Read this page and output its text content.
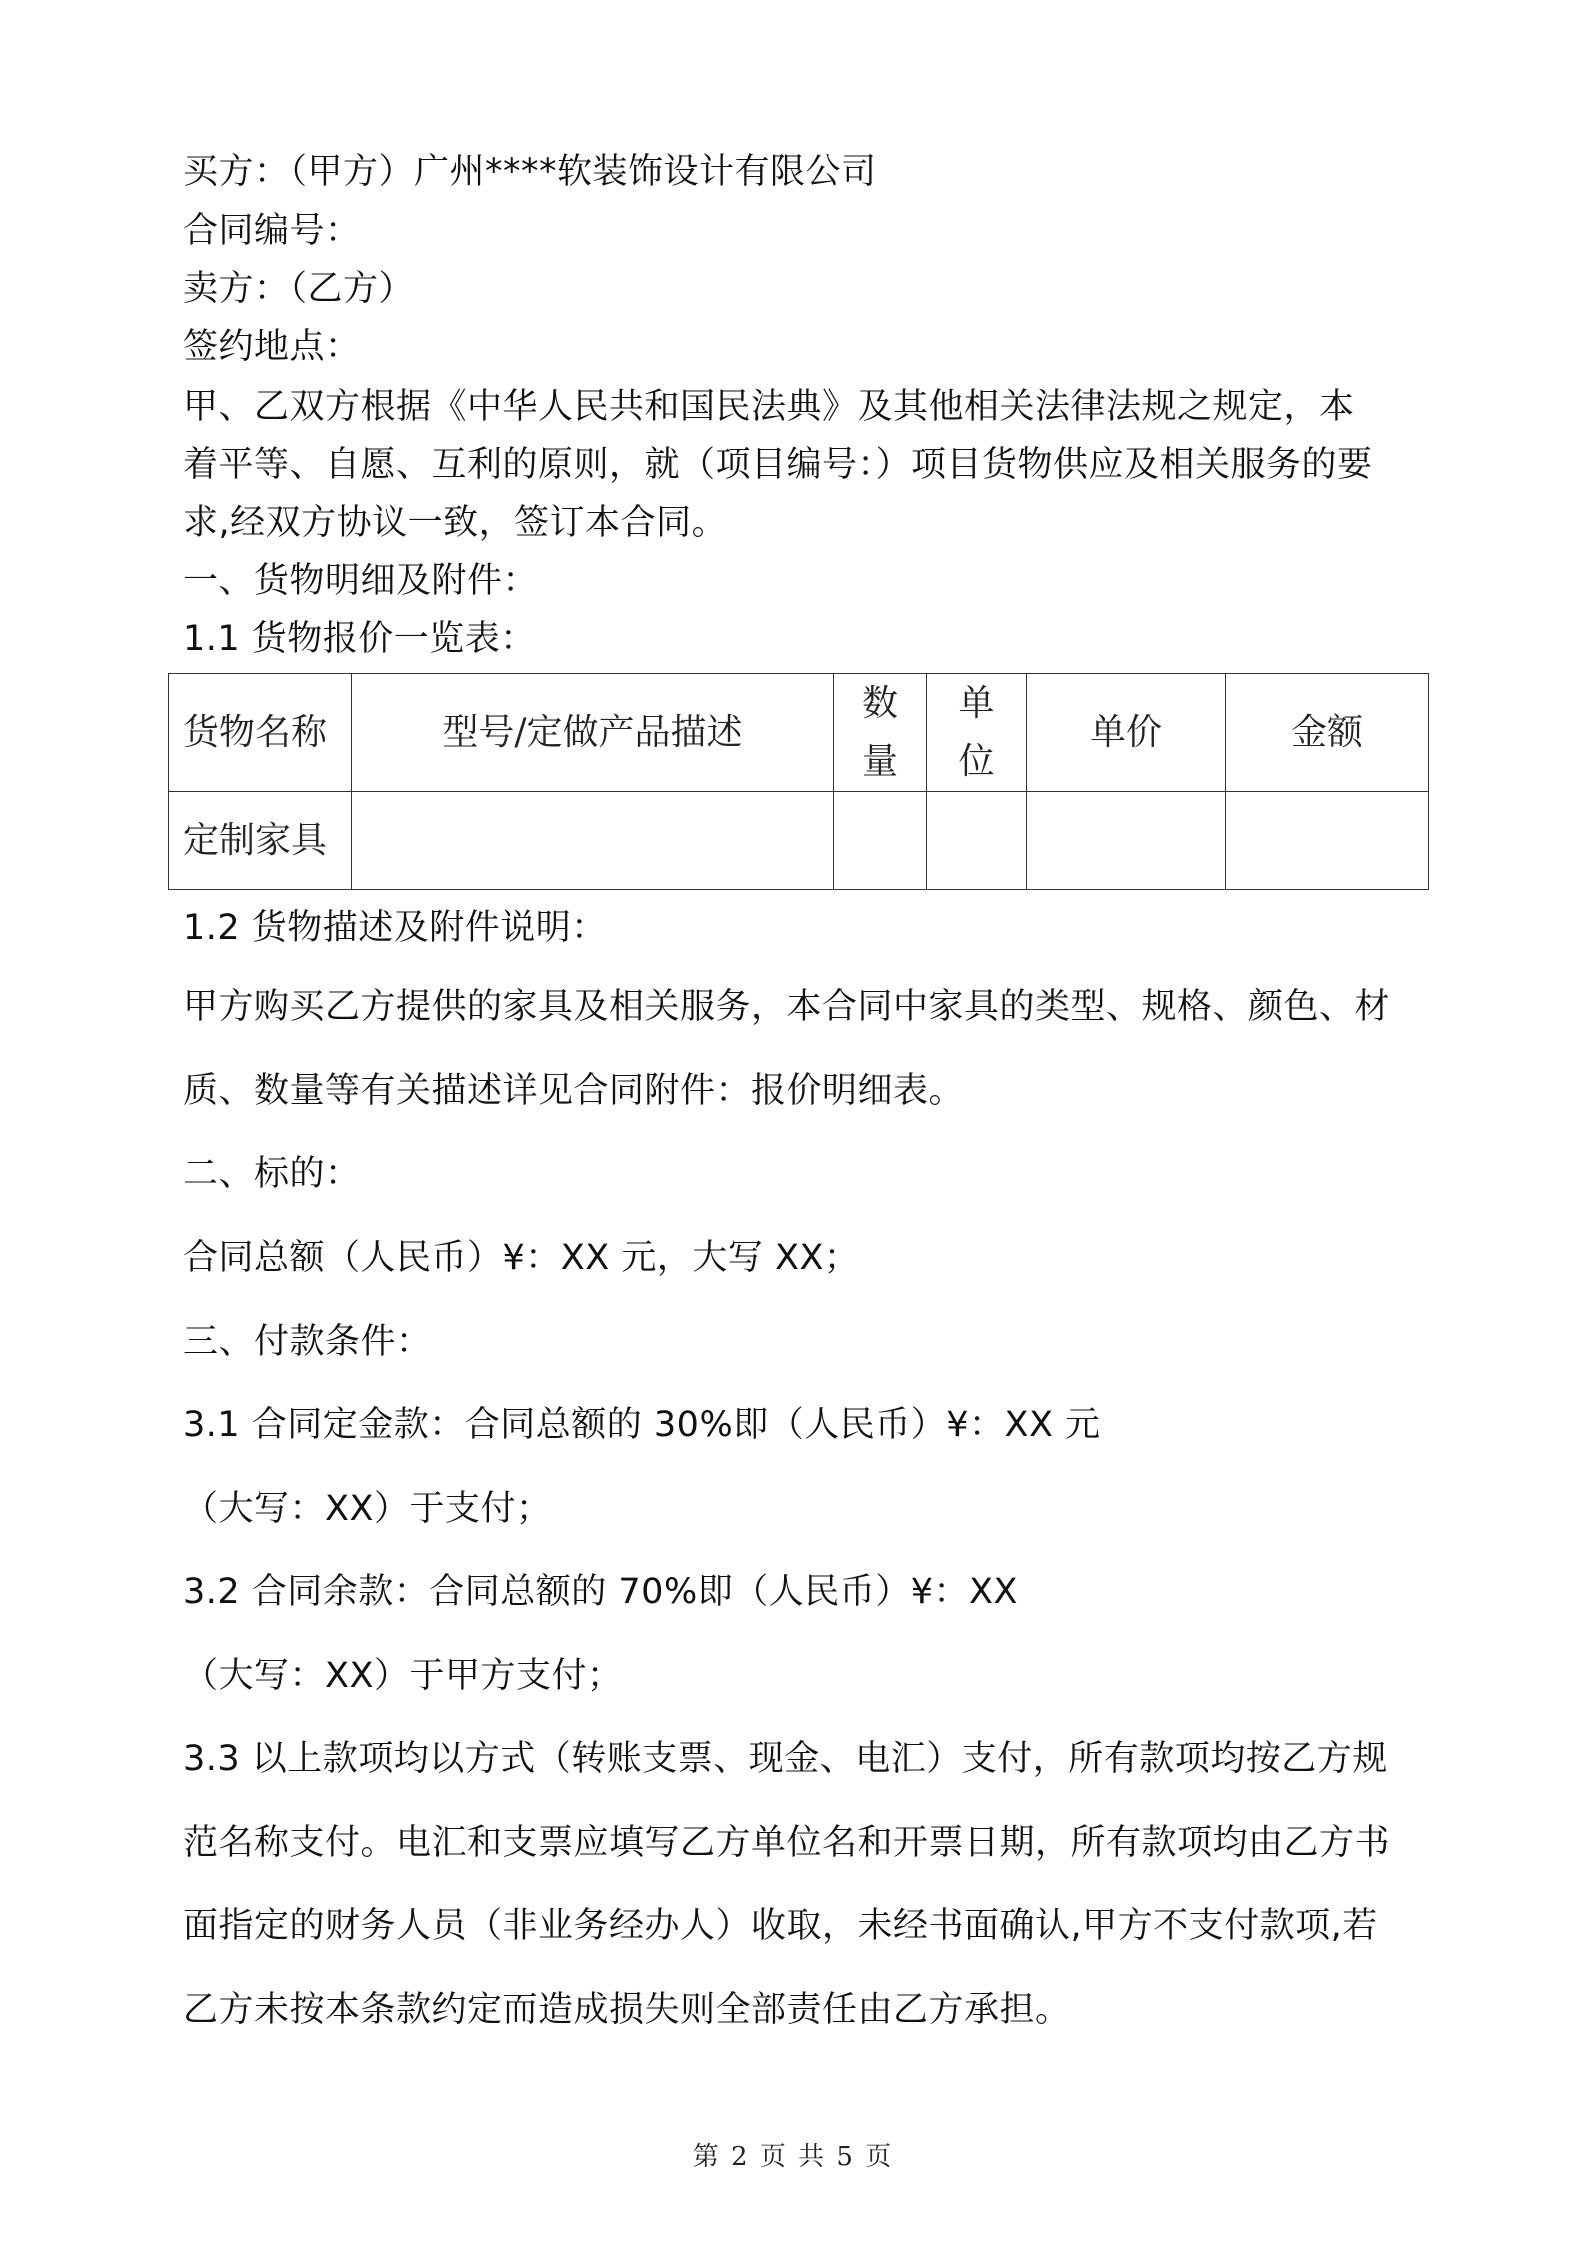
买方：（甲方）广州****软装饰设计有限公司
合同编号：
卖方：（乙方）
签约地点：
甲、乙双方根据《中华人民共和国民法典》及其他相关法律法规之规定，本
着平等、自愿、互利的原则，就（项目编号：）项目货物供应及相关服务的要
求,经双方协议一致，签订本合同。
一、货物明细及附件：
1.1 货物报价一览表：
货物名称	型号/定做产品描述	数量	单位	单价	金额
定制家具					
1.2 货物描述及附件说明：
甲方购买乙方提供的家具及相关服务，本合同中家具的类型、规格、颜色、材
质、数量等有关描述详见合同附件：报价明细表。
二、标的：
合同总额（人民币）¥：XX 元，大写 XX；
三、付款条件：
3.1 合同定金款：合同总额的 30%即（人民币）¥：XX 元
（大写：XX）于支付；
3.2 合同余款：合同总额的 70%即（人民币）¥：XX
（大写：XX）于甲方支付；
3.3 以上款项均以方式（转账支票、现金、电汇）支付，所有款项均按乙方规
范名称支付。电汇和支票应填写乙方单位名和开票日期，所有款项均由乙方书
面指定的财务人员（非业务经办人）收取，未经书面确认,甲方不支付款项,若
乙方未按本条款约定而造成损失则全部责任由乙方承担。
第 2 页 共 5 页
